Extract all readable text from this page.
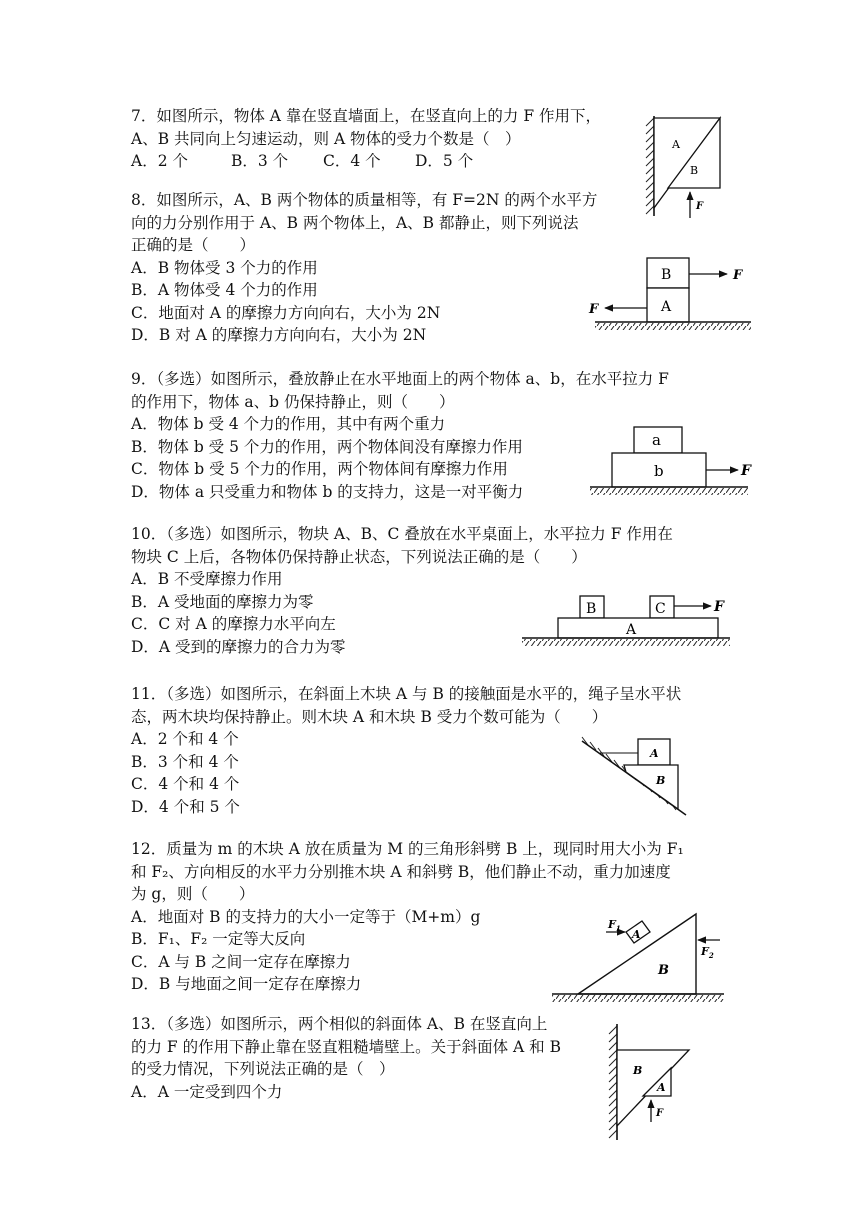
7．如图所示，物体 A 靠在竖直墙面上，在竖直向上的力 F 作用下，
A、B 共同向上匀速运动，则 A 物体的受力个数是（　）
A．2 个	B．3 个 C．4 个 D．5 个
A
B
F
8．如图所示，A、B 两个物体的质量相等，有 F=2N 的两个水平方
向的力分别作用于 A、B 两个物体上，A、B 都静止，则下列说法
正确的是（　　）
A．B 物体受 3 个力的作用
B．A 物体受 4 个力的作用
C．地面对 A 的摩擦力方向向右，大小为 2N
D．B 对 A 的摩擦力方向向右，大小为 2N
B
A
F
F
9．（多选）如图所示，叠放静止在水平地面上的两个物体 a、b，在水平拉力 F
的作用下，物体 a、b 仍保持静止，则（　　）
A．物体 b 受 4 个力的作用，其中有两个重力
B．物体 b 受 5 个力的作用，两个物体间没有摩擦力作用
C．物体 b 受 5 个力的作用，两个物体间有摩擦力作用
D．物体 a 只受重力和物体 b 的支持力，这是一对平衡力
a
b	F
10．（多选）如图所示，物块 A、B、C 叠放在水平桌面上，水平拉力 F 作用在
物块 C 上后，各物体仍保持静止状态，下列说法正确的是（　　）
A．B 不受摩擦力作用
B．A 受地面的摩擦力为零
C．C 对 A 的摩擦力水平向左
D．A 受到的摩擦力的合力为零
B	C
A
F
11．（多选）如图所示，在斜面上木块 A 与 B 的接触面是水平的，绳子呈水平状
态，两木块均保持静止。则木块 A 和木块 B 受力个数可能为（　　）
A．2 个和 4 个
B．3 个和 4 个
C．4 个和 4 个
D．4 个和 5 个
A
B
12．质量为 m 的木块 A 放在质量为 M 的三角形斜劈 B 上，现同时用大小为 F₁
和 F₂、方向相反的水平力分别推木块 A 和斜劈 B，他们静止不动，重力加速度
为 g，则（　　）
A．地面对 B 的支持力的大小一定等于（M+m）g
B．F₁、F₂ 一定等大反向
C．A 与 B 之间一定存在摩擦力
D．B 与地面之间一定存在摩擦力
A
B
$F_1$
$F_2$
13．（多选）如图所示，两个相似的斜面体 A、B 在竖直向上
的力 F 的作用下静止靠在竖直粗糙墙壁上。关于斜面体 A 和 B
的受力情况，下列说法正确的是（　）
A．A 一定受到四个力
B
A
F
